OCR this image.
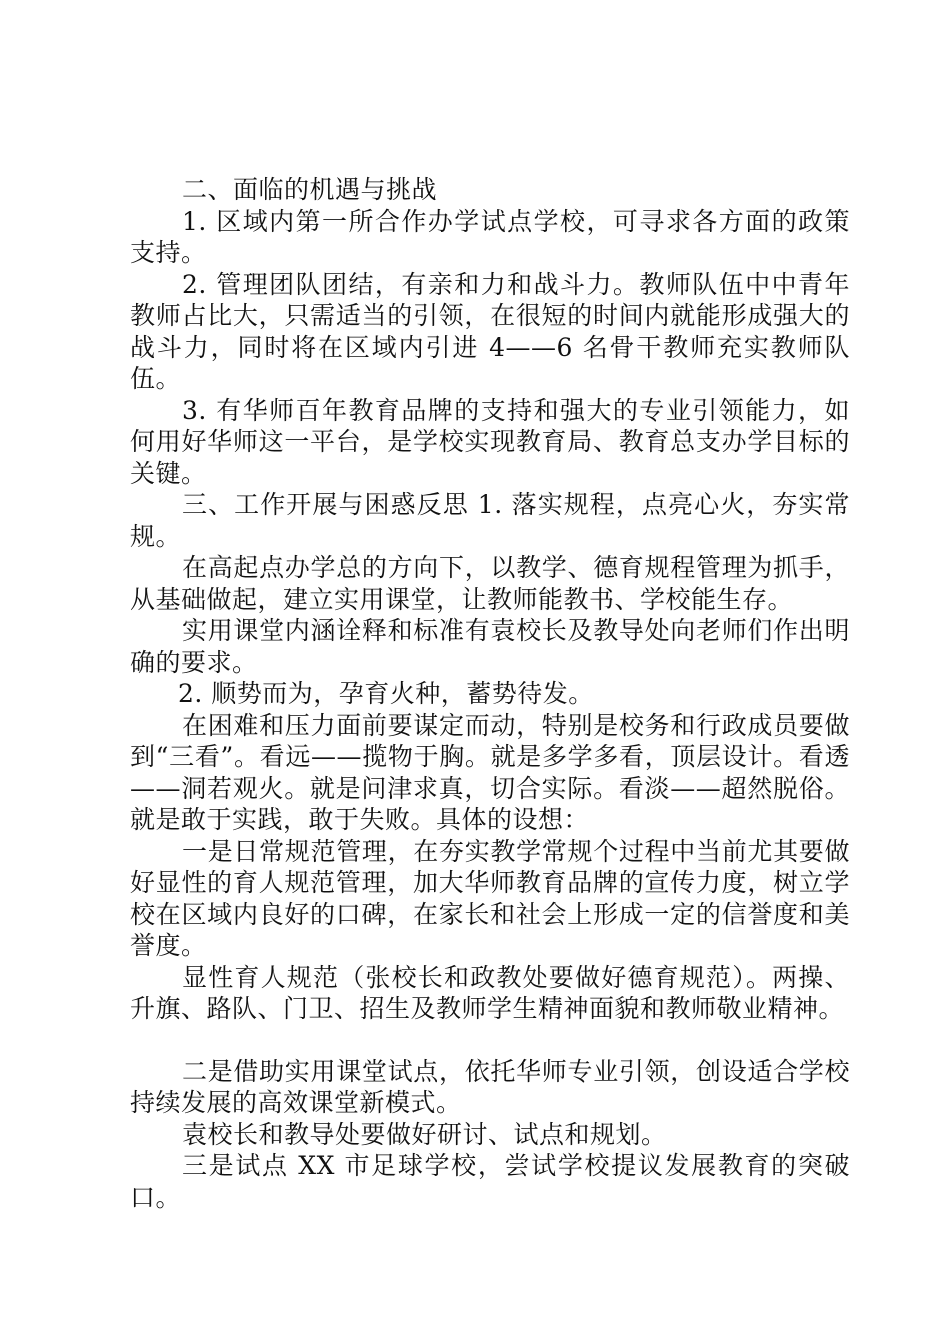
二、面临的机遇与挑战

1. 区域内第一所合作办学试点学校，可寻求各方面的政策支持。

2. 管理团队团结，有亲和力和战斗力。教师队伍中中青年教师占比大，只需适当的引领，在很短的时间内就能形成强大的战斗力，同时将在区域内引进 4——6 名骨干教师充实教师队伍。

3. 有华师百年教育品牌的支持和强大的专业引领能力，如何用好华师这一平台，是学校实现教育局、教育总支办学目标的关键。

三、工作开展与困惑反思 1. 落实规程，点亮心火，夯实常规。

在高起点办学总的方向下，以教学、德育规程管理为抓手，从基础做起，建立实用课堂，让教师能教书、学校能生存。

实用课堂内涵诠释和标准有袁校长及教导处向老师们作出明确的要求。

2. 顺势而为，孕育火种，蓄势待发。

在困难和压力面前要谋定而动，特别是校务和行政成员要做到“三看”。看远——揽物于胸。就是多学多看，顶层设计。看透——洞若观火。就是问津求真，切合实际。看淡——超然脱俗。就是敢于实践，敢于失败。具体的设想：

一是日常规范管理，在夯实教学常规个过程中当前尤其要做好显性的育人规范管理，加大华师教育品牌的宣传力度，树立学校在区域内良好的口碑，在家长和社会上形成一定的信誉度和美誉度。

显性育人规范（张校长和政教处要做好德育规范）。两操、升旗、路队、门卫、招生及教师学生精神面貌和教师敬业精神。

二是借助实用课堂试点，依托华师专业引领，创设适合学校持续发展的高效课堂新模式。

袁校长和教导处要做好研讨、试点和规划。

三是试点 XX 市足球学校，尝试学校提议发展教育的突破口。
